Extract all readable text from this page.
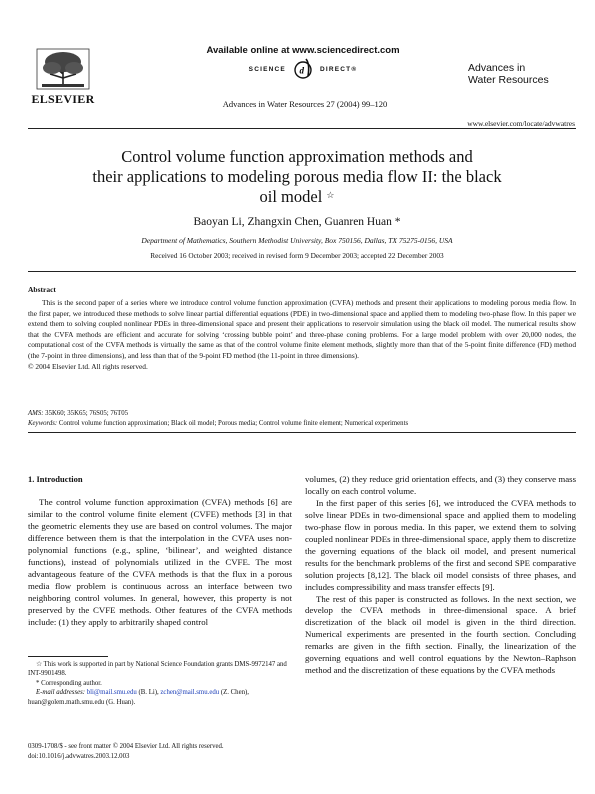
ELSEVIER
Available online at www.sciencedirect.com
SCIENCE d DIRECT®
Advances in Water Resources 27 (2004) 99–120
Advances in
Water Resources
www.elsevier.com/locate/advwatres
Control volume function approximation methods and
their applications to modeling porous media flow II: the black
oil model ☆
Baoyan Li, Zhangxin Chen, Guanren Huan *
Department of Mathematics, Southern Methodist University, Box 750156, Dallas, TX 75275-0156, USA
Received 16 October 2003; received in revised form 9 December 2003; accepted 22 December 2003
Abstract
This is the second paper of a series where we introduce control volume function approximation (CVFA) methods and present their applications to modeling porous media flow. In the first paper, we introduced these methods to solve linear partial differential equations (PDE) in two-dimensional space and applied them to modeling two-phase flow. In this paper we extend them to solving coupled nonlinear PDEs in three-dimensional space and present their applications to reservoir simulation using the black oil model. The numerical results show that the CVFA methods are efficient and accurate for solving ‘crossing bubble point’ and three-phase coning problems. For a large model problem with over 20,000 nodes, the computational cost of the CVFA methods is virtually the same as that of the control volume finite element methods, slightly more than that of the 5-point finite difference (FD) method (the 7-point in three dimensions), and less than that of the 9-point FD method (the 11-point in three dimensions).
© 2004 Elsevier Ltd. All rights reserved.
AMS: 35K60; 35K65; 76S05; 76T05
Keywords: Control volume function approximation; Black oil model; Porous media; Control volume finite element; Numerical experiments
1. Introduction

The control volume function approximation (CVFA) methods [6] are similar to the control volume finite element (CVFE) methods [3] in that the geometric elements they use are based on control volumes. The major difference between them is that the interpolation in the CVFA uses non-polynomial functions (e.g., spline, ‘bilinear’, and weighted distance functions), instead of polynomials utilized in the CVFE. The most advantageous feature of the CVFA methods is that the flux in a porous media flow problem is continuous across an interface between two neighboring control volumes. In general, however, this property is not preserved by the CVFE methods. Other features of the CVFA methods include: (1) they apply to arbitrarily shaped control

volumes, (2) they reduce grid orientation effects, and (3) they conserve mass locally on each control volume.

In the first paper of this series [6], we introduced the CVFA methods to solve linear PDEs in two-dimensional space and applied them to modeling two-phase flow in porous media. In this paper, we extend them to solving coupled nonlinear PDEs in three-dimensional space, apply them to discretize the governing equations of the black oil model, and present numerical results for the benchmark problems of the first and second SPE comparative solution projects [8,12]. The black oil model consists of three phases, and includes compressibility and mass transfer effects [9].

The rest of this paper is constructed as follows. In the next section, we develop the CVFA methods in three-dimensional space. A brief discretization of the black oil model is given in the third direction. Numerical experiments are presented in the fourth section. Concluding remarks are given in the fifth section. Finally, the linearization of the governing equations and well control equations by the Newton–Raphson method and the discretization of these equations by the CVFA methods

☆ This work is supported in part by National Science Foundation grants DMS-9972147 and INT-9901498.
* Corresponding author.
E-mail addresses: bli@mail.smu.edu (B. Li), zchen@mail.smu.edu (Z. Chen), huan@golem.math.smu.edu (G. Huan).
0309-1708/$ - see front matter © 2004 Elsevier Ltd. All rights reserved.
doi:10.1016/j.advwatres.2003.12.003
